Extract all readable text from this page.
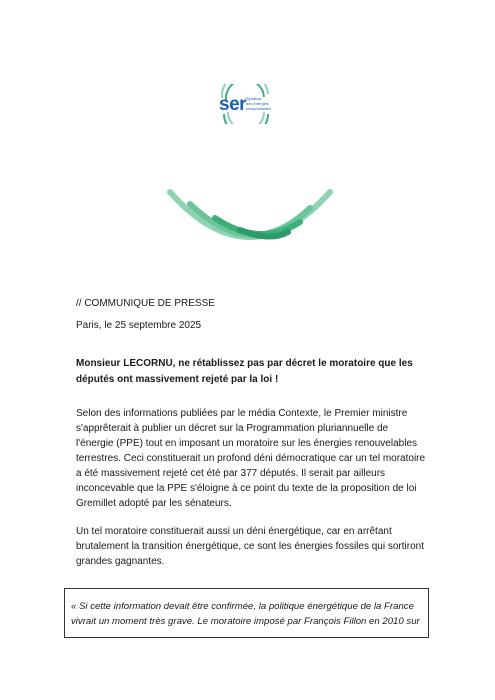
ser Syndicat
des énergies
renouvelables
// COMMUNIQUE DE PRESSE
Paris, le 25 septembre 2025
Monsieur LECORNU, ne rétablissez pas par décret le moratoire que les députés ont massivement rejeté par la loi !
Selon des informations publiées par le média Contexte, le Premier ministre s'apprêterait à publier un décret sur la Programmation pluriannuelle de l'énergie (PPE) tout en imposant un moratoire sur les énergies renouvelables terrestres. Ceci constituerait un profond déni démocratique car un tel moratoire a été massivement rejeté cet été par 377 députés. Il serait par ailleurs inconcevable que la PPE s'éloigne à ce point du texte de la proposition de loi Gremillet adopté par les sénateurs.
Un tel moratoire constituerait aussi un déni énergétique, car en arrêtant brutalement la transition énergétique, ce sont les énergies fossiles qui sortiront grandes gagnantes.
« Si cette information devait être confirmée, la politique énergétique de la France vivrait un moment très grave. Le moratoire imposé par François Fillon en 2010 sur
